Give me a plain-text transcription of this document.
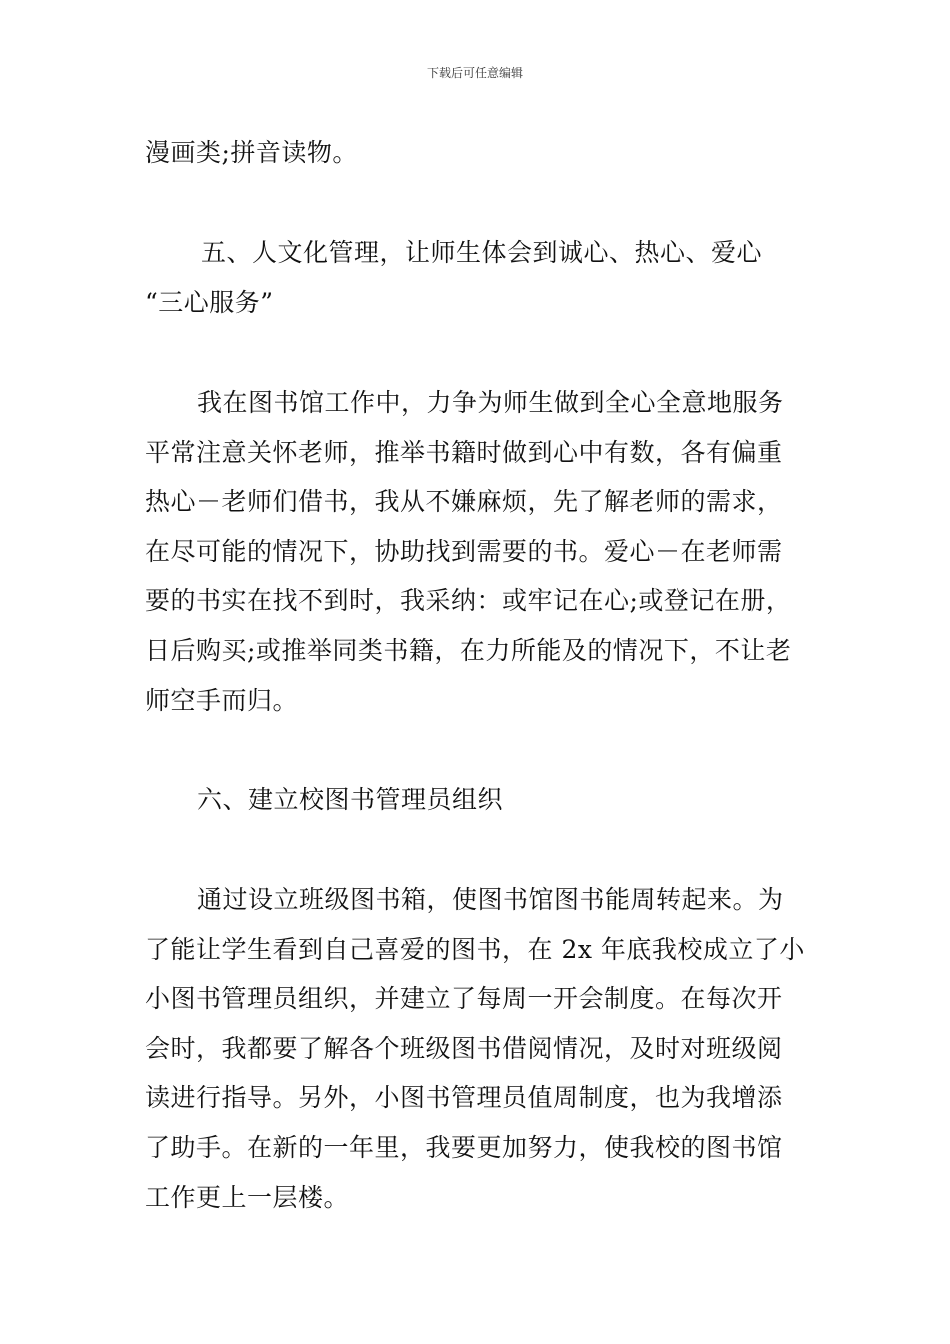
下载后可任意编辑
漫画类;拼音读物。
五、人文化管理，让师生体会到诚心、热心、爱心
“三心服务”
我在图书馆工作中，力争为师生做到全心全意地服务
平常注意关怀老师，推举书籍时做到心中有数，各有偏重
热心－老师们借书，我从不嫌麻烦，先了解老师的需求，
在尽可能的情况下，协助找到需要的书。爱心－在老师需
要的书实在找不到时，我采纳：或牢记在心;或登记在册，
日后购买;或推举同类书籍，在力所能及的情况下，不让老
师空手而归。
六、建立校图书管理员组织
通过设立班级图书箱，使图书馆图书能周转起来。为
了能让学生看到自己喜爱的图书，在 2x 年底我校成立了小
小图书管理员组织，并建立了每周一开会制度。在每次开
会时，我都要了解各个班级图书借阅情况，及时对班级阅
读进行指导。另外，小图书管理员值周制度，也为我增添
了助手。在新的一年里，我要更加努力，使我校的图书馆
工作更上一层楼。
